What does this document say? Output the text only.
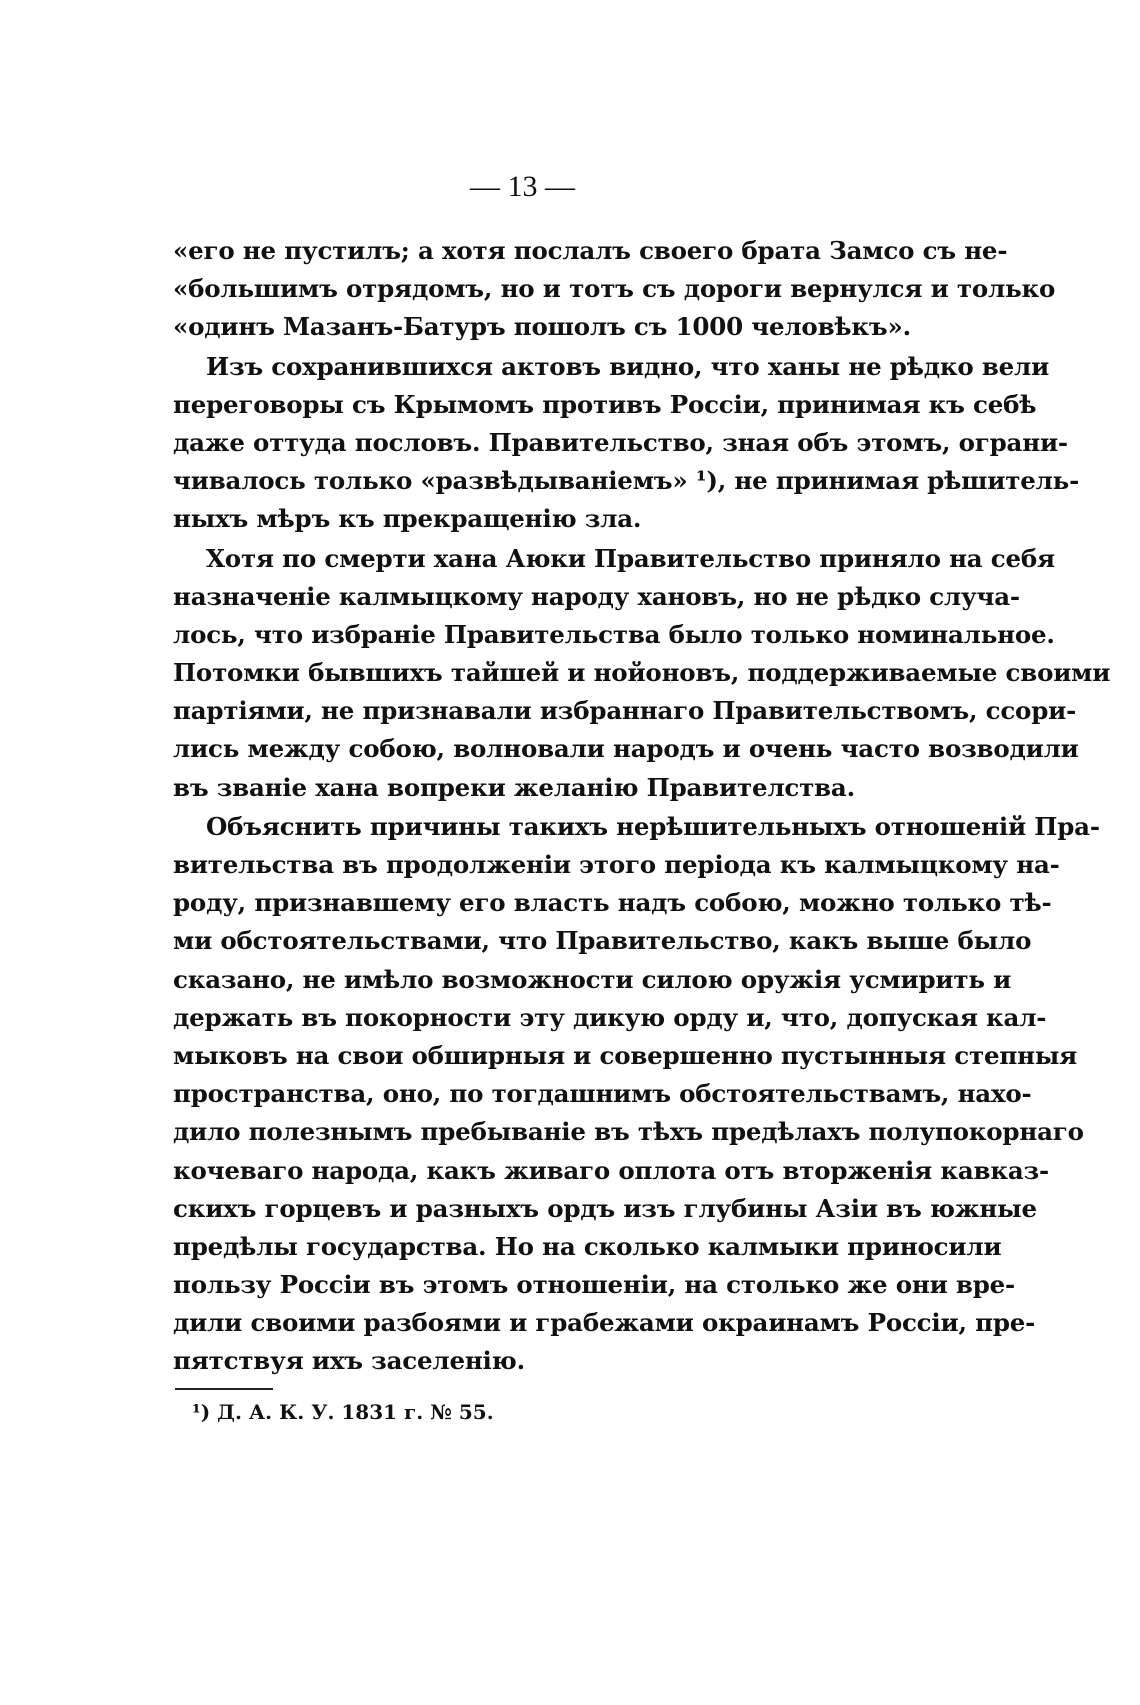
— 13 —
«его не пустилъ; а хотя послалъ своего брата Замсо съ не-
«большимъ отрядомъ, но и тотъ съ дороги вернулся и только
«одинъ Мазанъ-Батуръ пошолъ съ 1000 человѣкъ».
Изъ сохранившихся актовъ видно, что ханы не рѣдко вели
переговоры съ Крымомъ противъ Россіи, принимая къ себѣ
даже оттуда пословъ. Правительство, зная объ этомъ, ограни-
чивалось только «развѣдываніемъ» ¹), не принимая рѣшитель-
ныхъ мѣръ къ прекращенію зла.
Хотя по смерти хана Аюки Правительство приняло на себя
назначеніе калмыцкому народу хановъ, но не рѣдко случа-
лось, что избраніе Правительства было только номинальное.
Потомки бывшихъ тайшей и нойоновъ, поддерживаемые своими
партіями, не признавали избраннаго Правительствомъ, ссори-
лись между собою, волновали народъ и очень часто возводили
въ званіе хана вопреки желанію Правителства.
Объяснить причины такихъ нерѣшительныхъ отношеній Пра-
вительства въ продолженіи этого періода къ калмыцкому на-
роду, признавшему его власть надъ собою, можно только тѣ-
ми обстоятельствами, что Правительство, какъ выше было
сказано, не имѣло возможности силою оружія усмирить и
держать въ покорности эту дикую орду и, что, допуская кал-
мыковъ на свои обширныя и совершенно пустынныя степныя
пространства, оно, по тогдашнимъ обстоятельствамъ, нахо-
дило полезнымъ пребываніе въ тѣхъ предѣлахъ полупокорнаго
кочеваго народа, какъ живаго оплота отъ вторженія кавказ-
скихъ горцевъ и разныхъ ордъ изъ глубины Азіи въ южные
предѣлы государства. Но на сколько калмыки приносили
пользу Россіи въ этомъ отношеніи, на столько же они вре-
дили своими разбоями и грабежами окраинамъ Россіи, пре-
пятствуя ихъ заселенію.
¹) Д. А. К. У. 1831 г. № 55.
